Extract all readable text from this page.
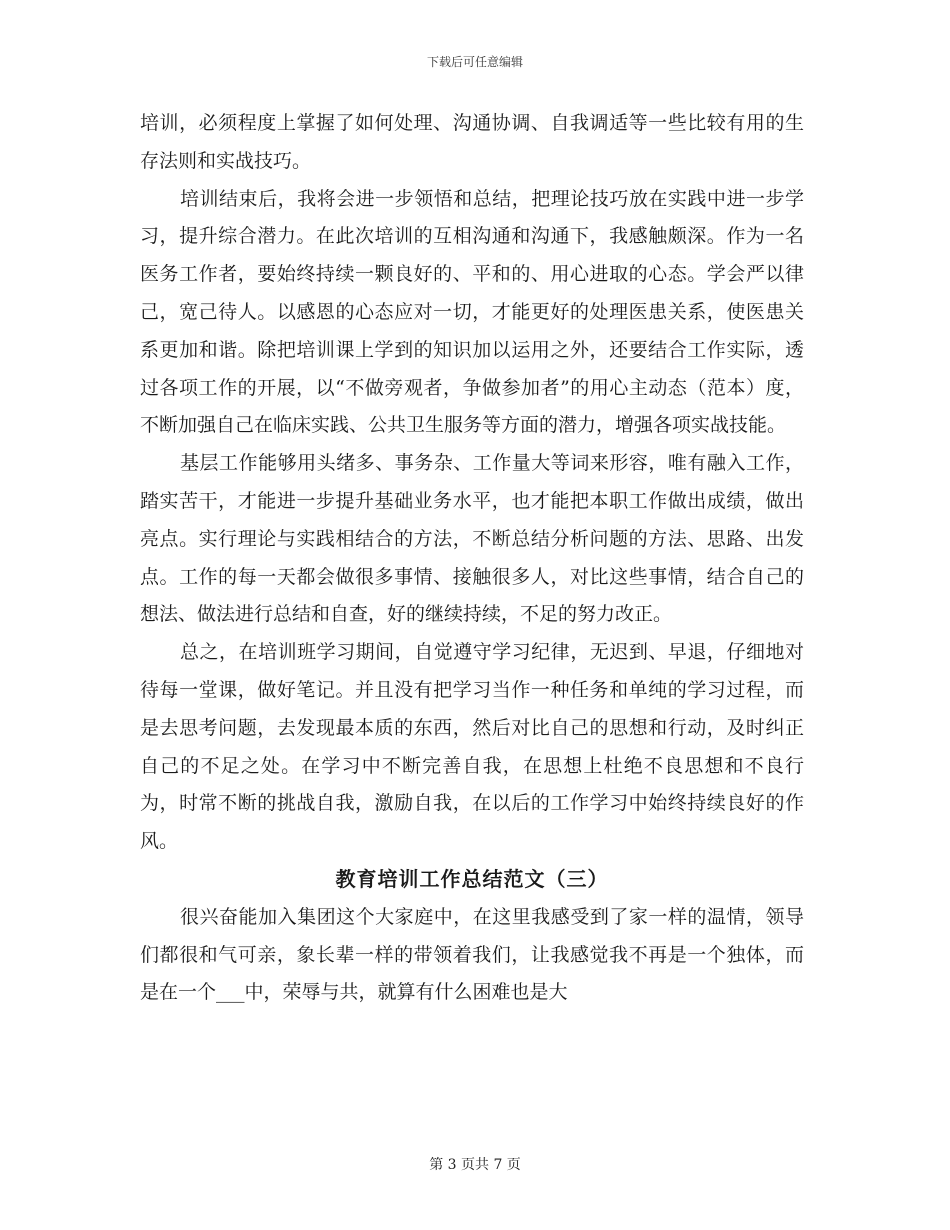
下载后可任意编辑

培训，必须程度上掌握了如何处理、沟通协调、自我调适等一些比较有用的生存法则和实战技巧。

培训结束后，我将会进一步领悟和总结，把理论技巧放在实践中进一步学习，提升综合潜力。在此次培训的互相沟通和沟通下，我感触颇深。作为一名医务工作者，要始终持续一颗良好的、平和的、用心进取的心态。学会严以律己，宽己待人。以感恩的心态应对一切，才能更好的处理医患关系，使医患关系更加和谐。除把培训课上学到的知识加以运用之外，还要结合工作实际，透过各项工作的开展，以“不做旁观者，争做参加者”的用心主动态（范本）度，不断加强自己在临床实践、公共卫生服务等方面的潜力，增强各项实战技能。

基层工作能够用头绪多、事务杂、工作量大等词来形容，唯有融入工作，踏实苦干，才能进一步提升基础业务水平，也才能把本职工作做出成绩，做出亮点。实行理论与实践相结合的方法，不断总结分析问题的方法、思路、出发点。工作的每一天都会做很多事情、接触很多人，对比这些事情，结合自己的想法、做法进行总结和自查，好的继续持续，不足的努力改正。

总之，在培训班学习期间，自觉遵守学习纪律，无迟到、早退，仔细地对待每一堂课，做好笔记。并且没有把学习当作一种任务和单纯的学习过程，而是去思考问题，去发现最本质的东西，然后对比自己的思想和行动，及时纠正自己的不足之处。在学习中不断完善自我，在思想上杜绝不良思想和不良行为，时常不断的挑战自我，激励自我，在以后的工作学习中始终持续良好的作风。

教育培训工作总结范文（三）

很兴奋能加入集团这个大家庭中，在这里我感受到了家一样的温情，领导们都很和气可亲，象长辈一样的带领着我们，让我感觉我不再是一个独体，而是在一个___中，荣辱与共，就算有什么困难也是大

第 3 页共 7 页
